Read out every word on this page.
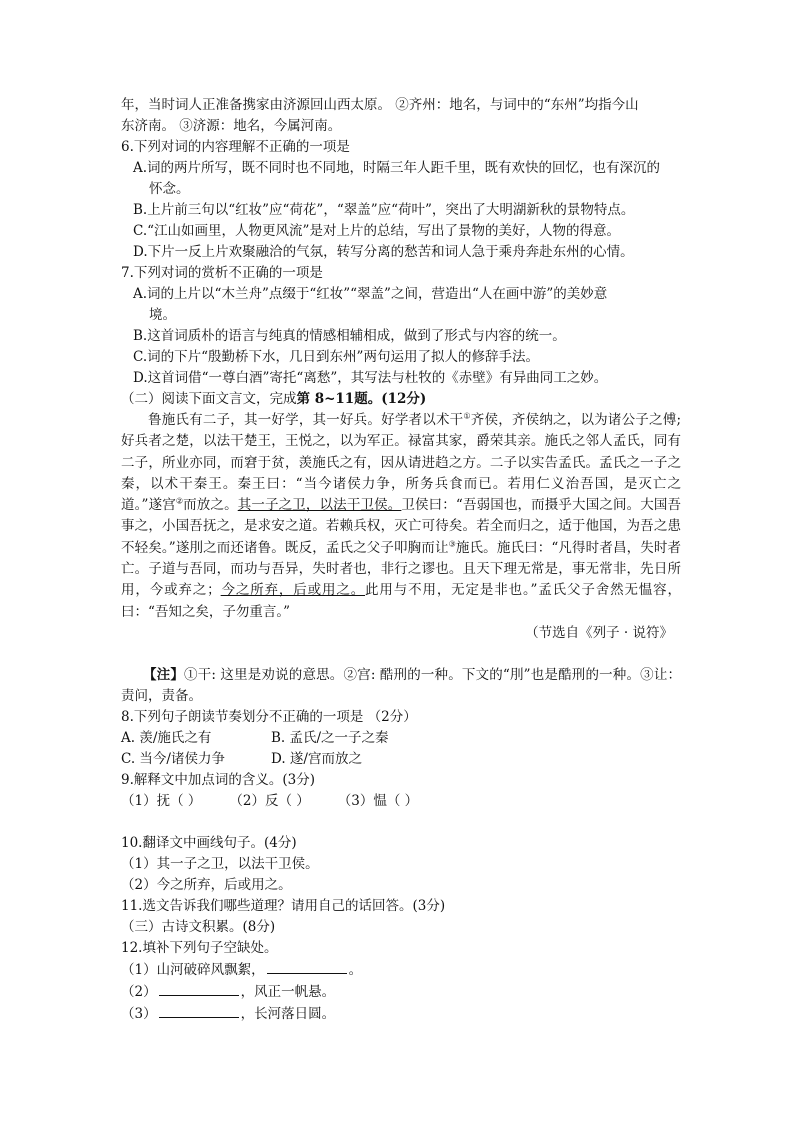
年，当时词人正准备携家由济源回山西太原。 ②齐州：地名，与词中的“东州”均指今山
东济南。 ③济源：地名，今属河南。
6.下列对词的内容理解不正确的一项是
A.词的两片所写，既不同时也不同地，时隔三年人距千里，既有欢快的回忆，也有深沉的
怀念。
B.上片前三句以“红妆”应“荷花”，“翠盖”应“荷叶”，突出了大明湖新秋的景物特点。
C.“江山如画里，人物更风流”是对上片的总结，写出了景物的美好，人物的得意。
D.下片一反上片欢聚融洽的气氛，转写分离的愁苦和词人急于乘舟奔赴东州的心情。
7.下列对词的赏析不正确的一项是
A.词的上片以“木兰舟”点缀于“红妆”“翠盖”之间，营造出“人在画中游”的美妙意
境。
B.这首词质朴的语言与纯真的情感相辅相成，做到了形式与内容的统一。
C.词的下片“殷勤桥下水，几日到东州”两句运用了拟人的修辞手法。
D.这首词借“一尊白酒”寄托“离愁”，其写法与杜牧的《赤壁》有异曲同工之妙。
（二）阅读下面文言文，完成第 8~11题。(12分)
鲁施氏有二子，其一好学，其一好兵。好学者以术干①齐侯，齐侯纳之，以为诸公子之傅;好兵者之楚，以法干楚王，王悦之，以为军正。禄富其家，爵荣其亲。施氏之邻人孟氏，同有二子，所业亦同，而窘于贫，羡施氏之有，因从请进趋之方。二子以实告孟氏。孟氏之一子之秦，以术干秦王。秦王曰：“当今诸侯力争，所务兵食而已。若用仁义治吾国，是灭亡之道。”遂宫②而放之。其一子之卫，以法干卫侯。卫侯曰：“吾弱国也，而摄乎大国之间。大国吾事之，小国吾抚之，是求安之道。若赖兵权，灭亡可待矣。若全而归之，适于他国，为吾之患不轻矣。”遂刖之而还诸鲁。既反，孟氏之父子叩胸而让③施氏。施氏曰：“凡得时者昌，失时者亡。子道与吾同，而功与吾异，失时者也，非行之谬也。且天下理无常是，事无常非，先日所用，今或弃之；今之所弃，后或用之。此用与不用，无定是非也。”孟氏父子舍然无愠容，曰：“吾知之矣，子勿重言。”
（节选自《列子 · 说符》
【注】①干: 这里是劝说的意思。②宫: 酷刑的一种。下文的“刖”也是酷刑的一种。③让：责问，责备。
8.下列句子朗读节奏划分不正确的一项是 （2分）
A. 羡/施氏之有	B. 孟氏/之一子之秦
C. 当今/诸侯力争	D. 遂/宫而放之
9.解释文中加点词的含义。(3分)
（1）抚（ ） （2）反（ ） （3）愠（ ）
10.翻译文中画线句子。(4分)
（1）其一子之卫，以法干卫侯。
（2）今之所弃，后或用之。
11.选文告诉我们哪些道理？请用自己的话回答。(3分)
（三）古诗文积累。(8分)
12.填补下列句子空缺处。
（1）山河破碎风飘絮，	。
（2）	，风正一帆悬。
（3）	，长河落日圆。
